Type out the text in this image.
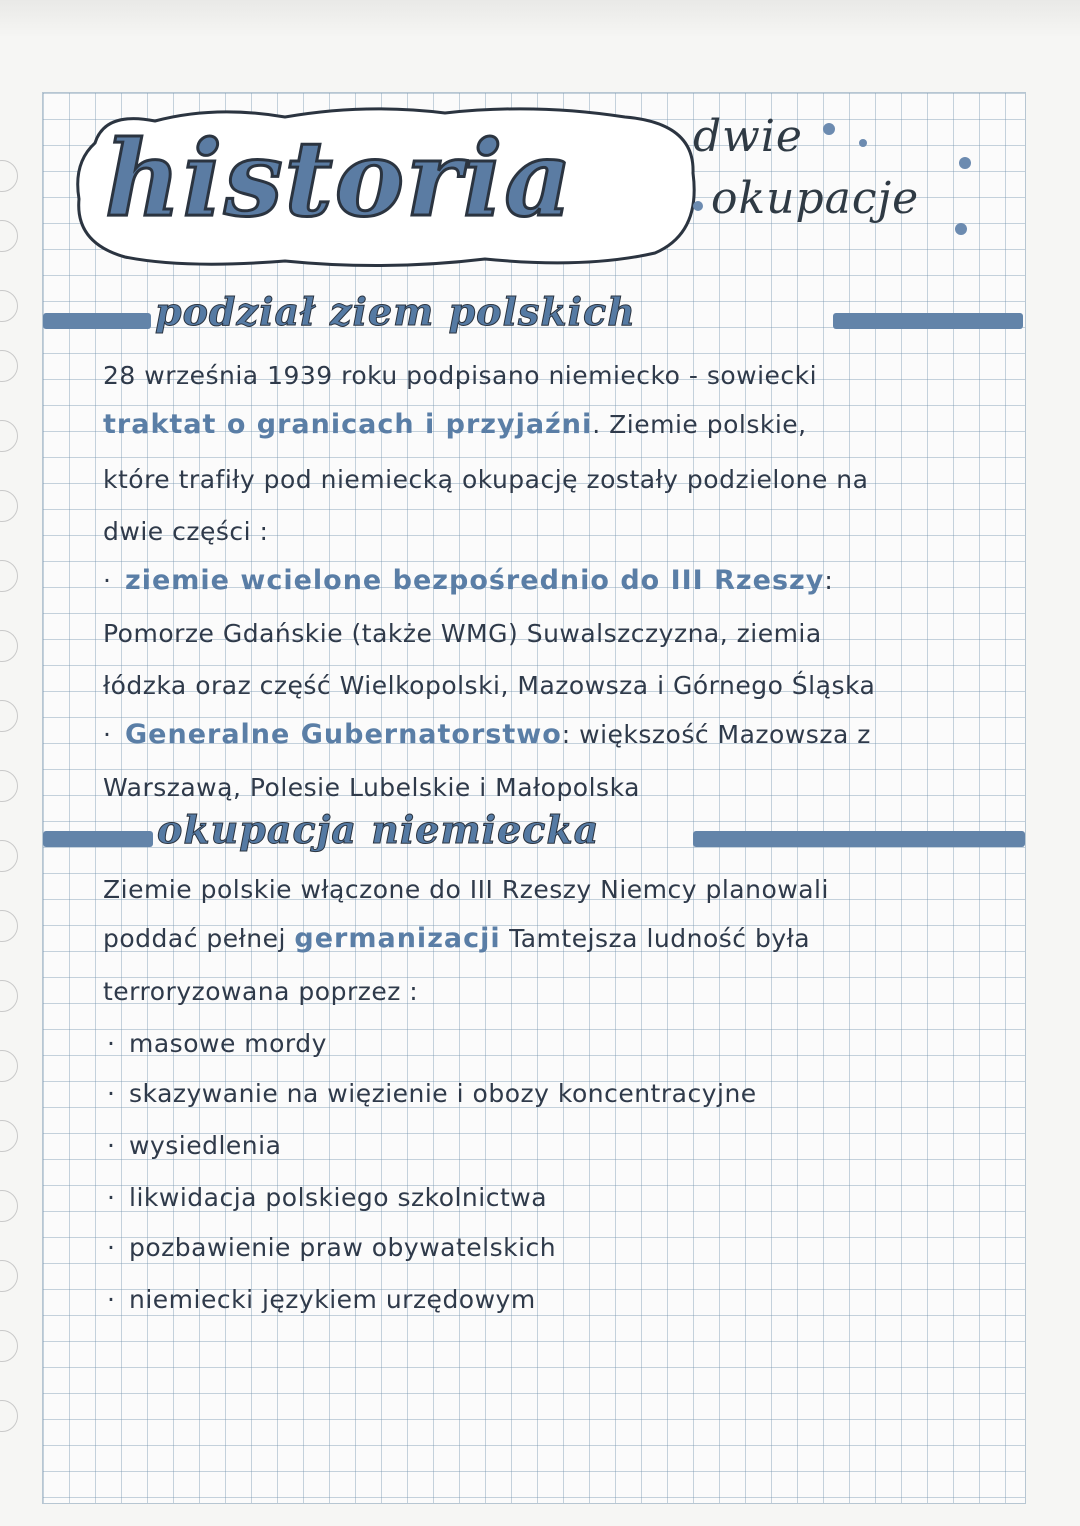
historia	dwie
okupacje
podział ziem polskich
28 września 1939 roku podpisano niemiecko - sowiecki
traktat o granicach i przyjaźni. Ziemie polskie,
które trafiły pod niemiecką okupację zostały podzielone na
dwie części :
· ziemie wcielone bezpośrednio do III Rzeszy:
Pomorze Gdańskie (także WMG) Suwalszczyzna, ziemia
łódzka oraz część Wielkopolski, Mazowsza i Górnego Śląska
· Generalne Gubernatorstwo: większość Mazowsza z
Warszawą, Polesie Lubelskie i Małopolska
okupacja niemiecka
Ziemie polskie włączone do III Rzeszy Niemcy planowali
poddać pełnej germanizacji Tamtejsza ludność była
terroryzowana poprzez :
· masowe mordy
· skazywanie na więzienie i obozy koncentracyjne
· wysiedlenia
· likwidacja polskiego szkolnictwa
· pozbawienie praw obywatelskich
· niemiecki językiem urzędowym
